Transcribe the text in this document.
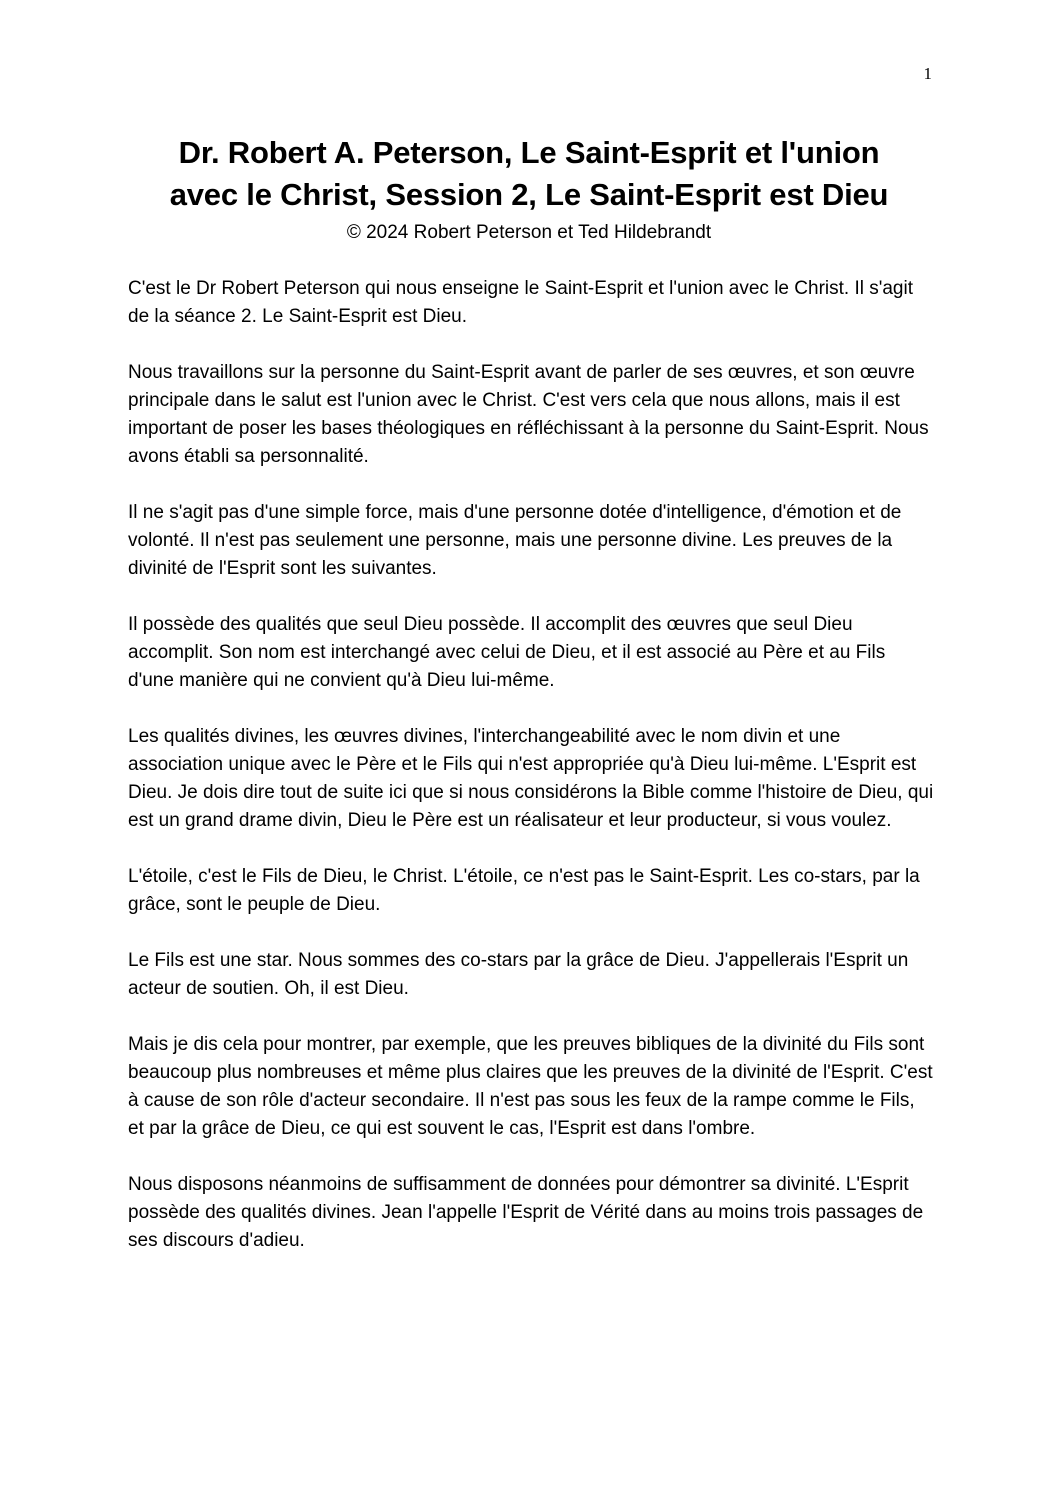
1
Dr. Robert A. Peterson, Le Saint-Esprit et l'union
avec le Christ, Session 2, Le Saint-Esprit est Dieu
© 2024 Robert Peterson et Ted Hildebrandt

C'est le Dr Robert Peterson qui nous enseigne le Saint-Esprit et l'union avec le Christ. Il s'agit de la séance 2. Le Saint-Esprit est Dieu.

Nous travaillons sur la personne du Saint-Esprit avant de parler de ses œuvres, et son œuvre principale dans le salut est l'union avec le Christ. C'est vers cela que nous allons, mais il est important de poser les bases théologiques en réfléchissant à la personne du Saint-Esprit. Nous avons établi sa personnalité.

Il ne s'agit pas d'une simple force, mais d'une personne dotée d'intelligence, d'émotion et de volonté. Il n'est pas seulement une personne, mais une personne divine. Les preuves de la divinité de l'Esprit sont les suivantes.

Il possède des qualités que seul Dieu possède. Il accomplit des œuvres que seul Dieu accomplit. Son nom est interchangé avec celui de Dieu, et il est associé au Père et au Fils d'une manière qui ne convient qu'à Dieu lui-même.

Les qualités divines, les œuvres divines, l'interchangeabilité avec le nom divin et une association unique avec le Père et le Fils qui n'est appropriée qu'à Dieu lui-même. L'Esprit est Dieu. Je dois dire tout de suite ici que si nous considérons la Bible comme l'histoire de Dieu, qui est un grand drame divin, Dieu le Père est un réalisateur et leur producteur, si vous voulez.

L'étoile, c'est le Fils de Dieu, le Christ. L'étoile, ce n'est pas le Saint-Esprit. Les co-stars, par la grâce, sont le peuple de Dieu.

Le Fils est une star. Nous sommes des co-stars par la grâce de Dieu. J'appellerais l'Esprit un acteur de soutien. Oh, il est Dieu.

Mais je dis cela pour montrer, par exemple, que les preuves bibliques de la divinité du Fils sont beaucoup plus nombreuses et même plus claires que les preuves de la divinité de l'Esprit. C'est à cause de son rôle d'acteur secondaire. Il n'est pas sous les feux de la rampe comme le Fils, et par la grâce de Dieu, ce qui est souvent le cas, l'Esprit est dans l'ombre.

Nous disposons néanmoins de suffisamment de données pour démontrer sa divinité. L'Esprit possède des qualités divines. Jean l'appelle l'Esprit de Vérité dans au moins trois passages de ses discours d'adieu.
